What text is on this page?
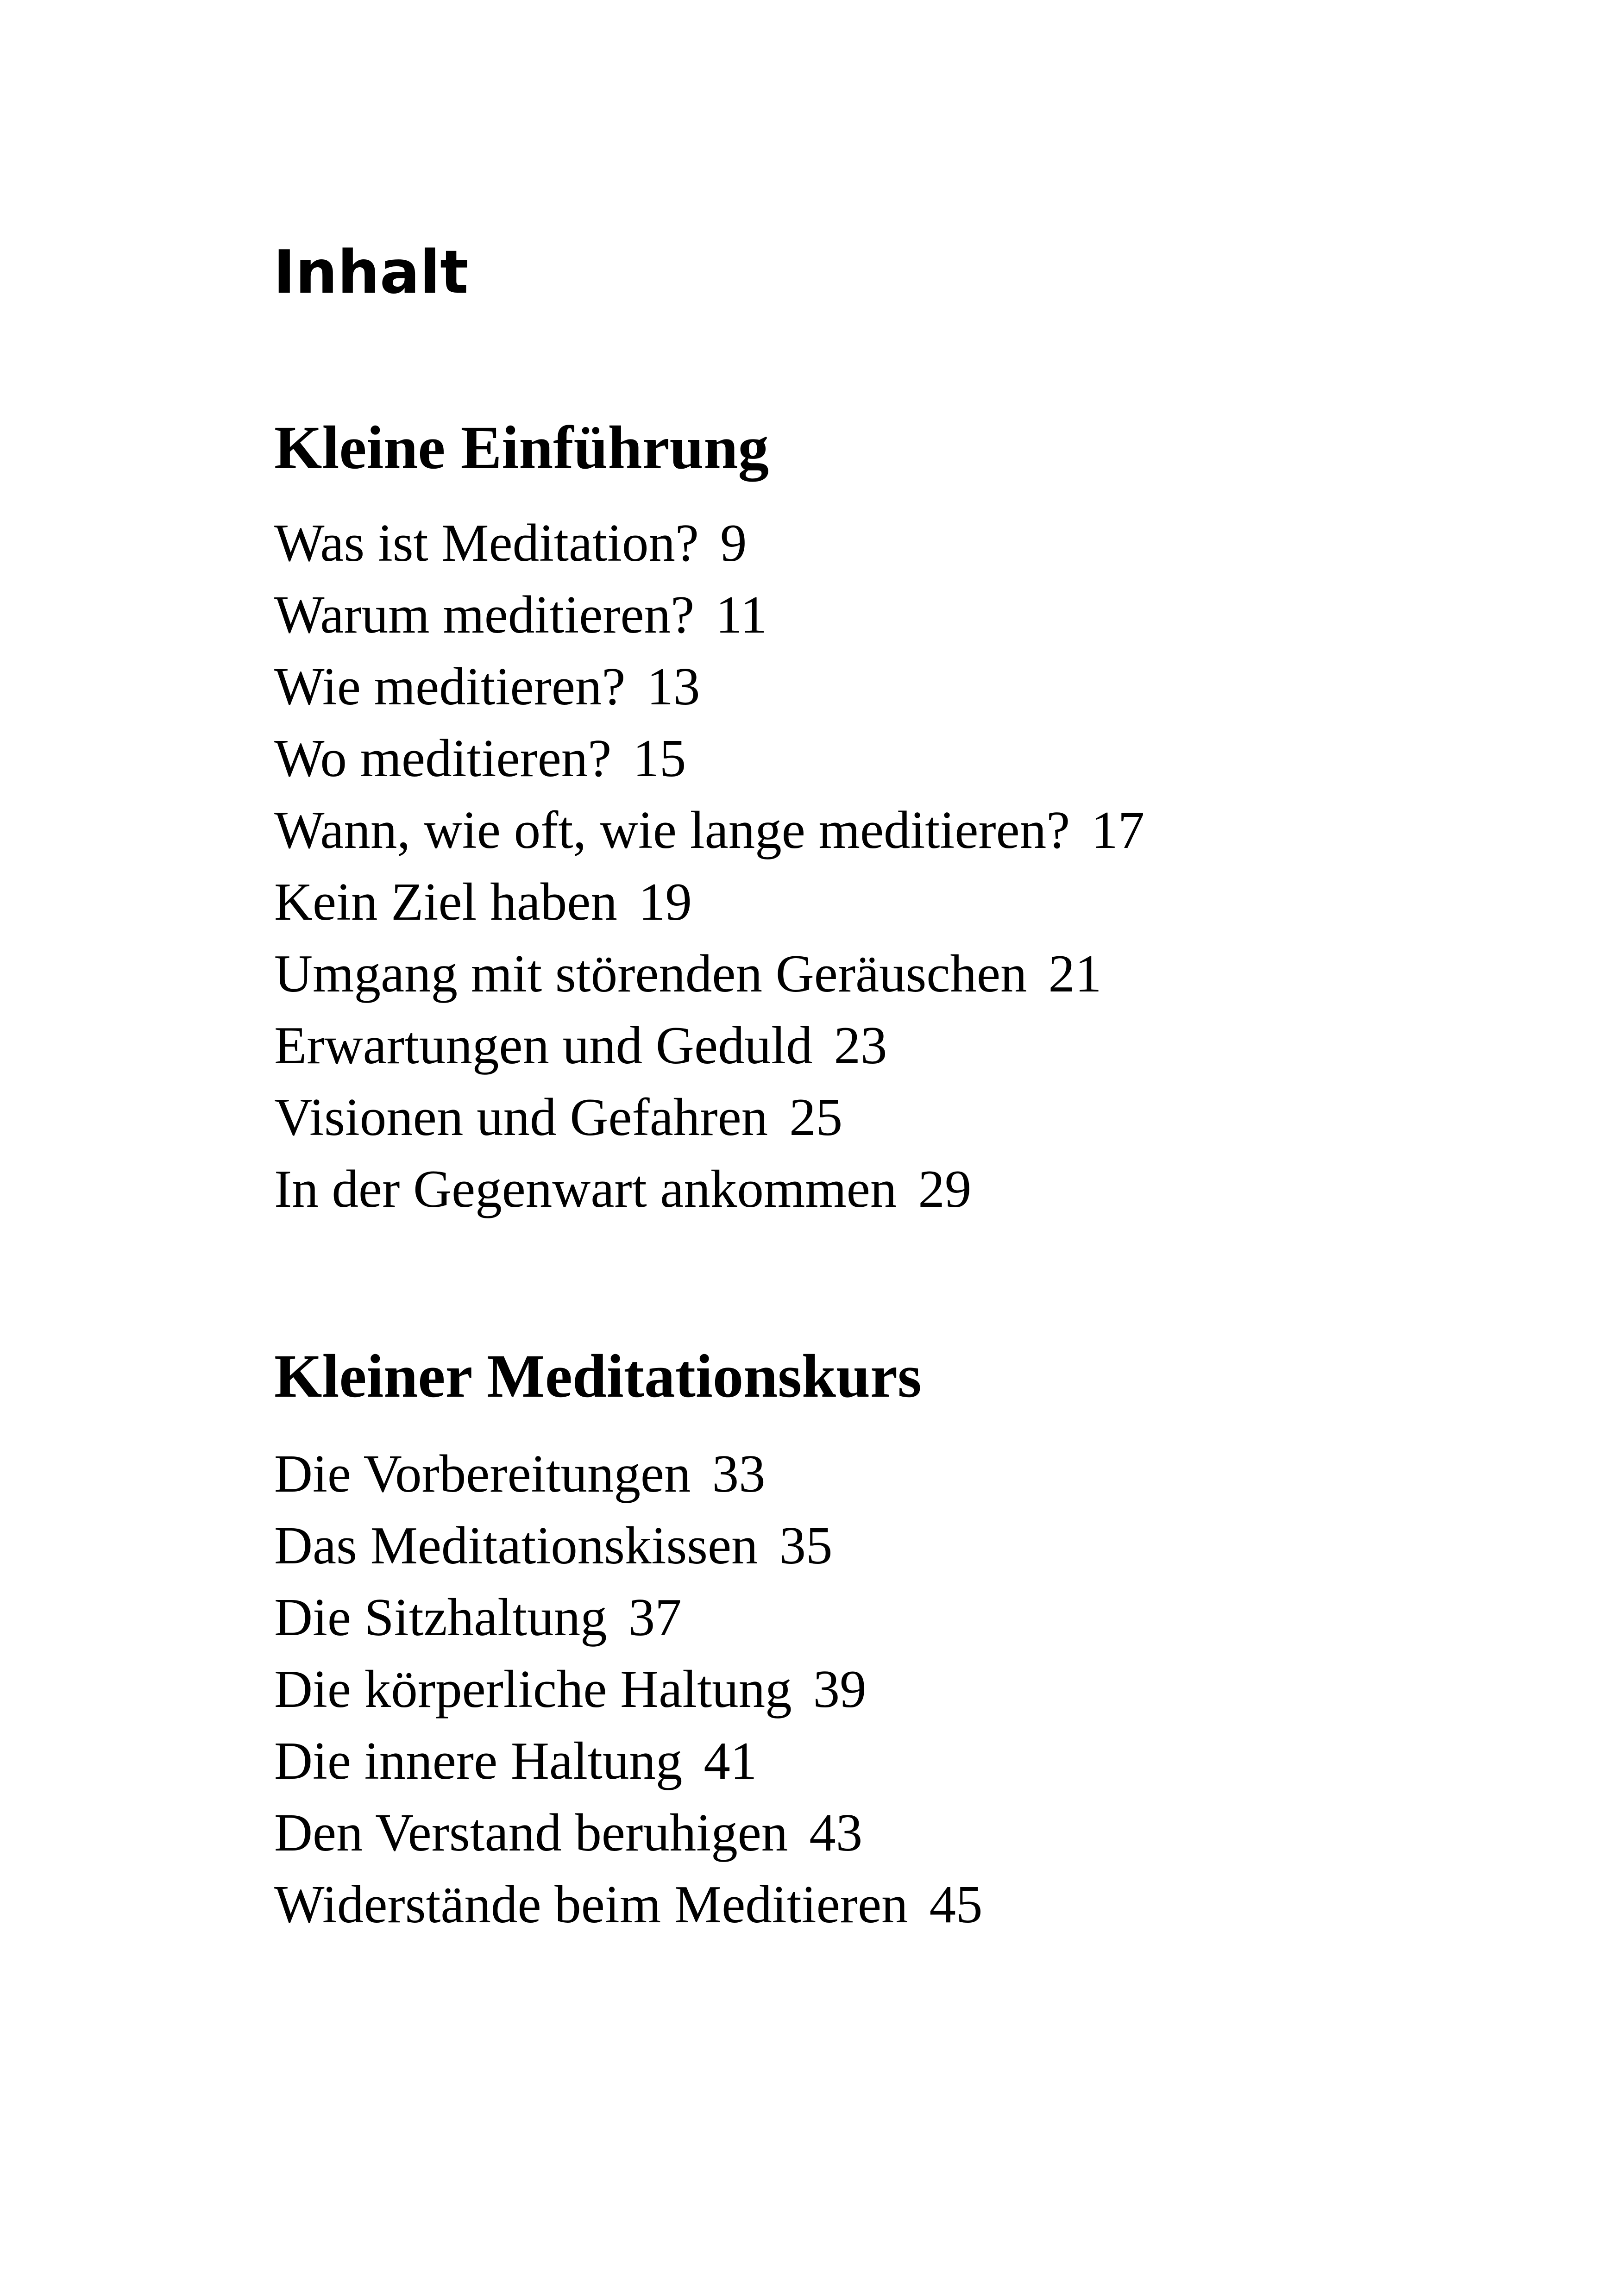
Inhalt
Kleine Einführung
Was ist Meditation? 9
Warum meditieren? 11
Wie meditieren? 13
Wo meditieren? 15
Wann, wie oft, wie lange meditieren? 17
Kein Ziel haben 19
Umgang mit störenden Geräuschen 21
Erwartungen und Geduld 23
Visionen und Gefahren 25
In der Gegenwart ankommen 29
Kleiner Meditationskurs
Die Vorbereitungen 33
Das Meditationskissen 35
Die Sitzhaltung 37
Die körperliche Haltung 39
Die innere Haltung 41
Den Verstand beruhigen 43
Widerstände beim Meditieren 45
